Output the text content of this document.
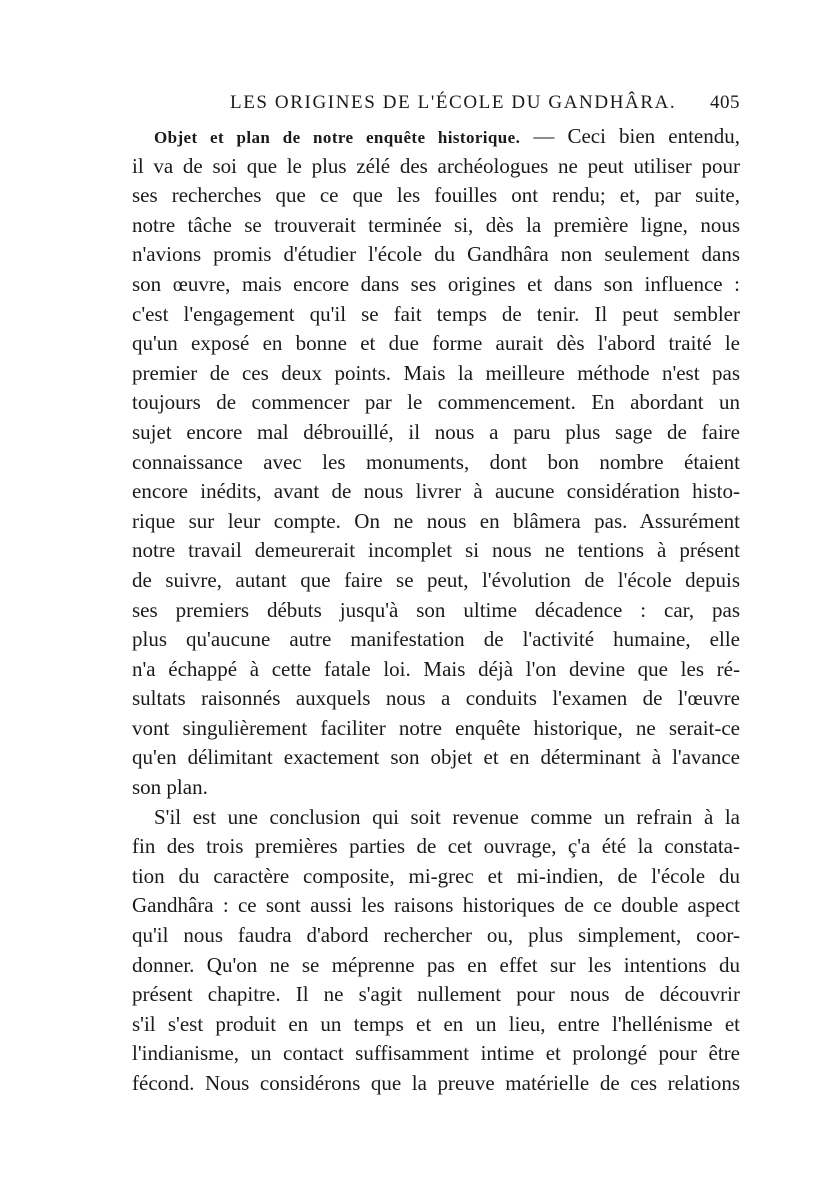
LES ORIGINES DE L'ÉCOLE DU GANDHÂRA. 405
Objet et plan de notre enquête historique. — Ceci bien entendu,
il va de soi que le plus zélé des archéologues ne peut utiliser pour
ses recherches que ce que les fouilles ont rendu; et, par suite,
notre tâche se trouverait terminée si, dès la première ligne, nous
n'avions promis d'étudier l'école du Gandhâra non seulement dans
son œuvre, mais encore dans ses origines et dans son influence :
c'est l'engagement qu'il se fait temps de tenir. Il peut sembler
qu'un exposé en bonne et due forme aurait dès l'abord traité le
premier de ces deux points. Mais la meilleure méthode n'est pas
toujours de commencer par le commencement. En abordant un
sujet encore mal débrouillé, il nous a paru plus sage de faire
connaissance avec les monuments, dont bon nombre étaient
encore inédits, avant de nous livrer à aucune considération histo-
rique sur leur compte. On ne nous en blâmera pas. Assurément
notre travail demeurerait incomplet si nous ne tentions à présent
de suivre, autant que faire se peut, l'évolution de l'école depuis
ses premiers débuts jusqu'à son ultime décadence : car, pas
plus qu'aucune autre manifestation de l'activité humaine, elle
n'a échappé à cette fatale loi. Mais déjà l'on devine que les ré-
sultats raisonnés auxquels nous a conduits l'examen de l'œuvre
vont singulièrement faciliter notre enquête historique, ne serait-ce
qu'en délimitant exactement son objet et en déterminant à l'avance
son plan.
S'il est une conclusion qui soit revenue comme un refrain à la
fin des trois premières parties de cet ouvrage, ç'a été la constata-
tion du caractère composite, mi-grec et mi-indien, de l'école du
Gandhâra : ce sont aussi les raisons historiques de ce double aspect
qu'il nous faudra d'abord rechercher ou, plus simplement, coor-
donner. Qu'on ne se méprenne pas en effet sur les intentions du
présent chapitre. Il ne s'agit nullement pour nous de découvrir
s'il s'est produit en un temps et en un lieu, entre l'hellénisme et
l'indianisme, un contact suffisamment intime et prolongé pour être
fécond. Nous considérons que la preuve matérielle de ces relations
